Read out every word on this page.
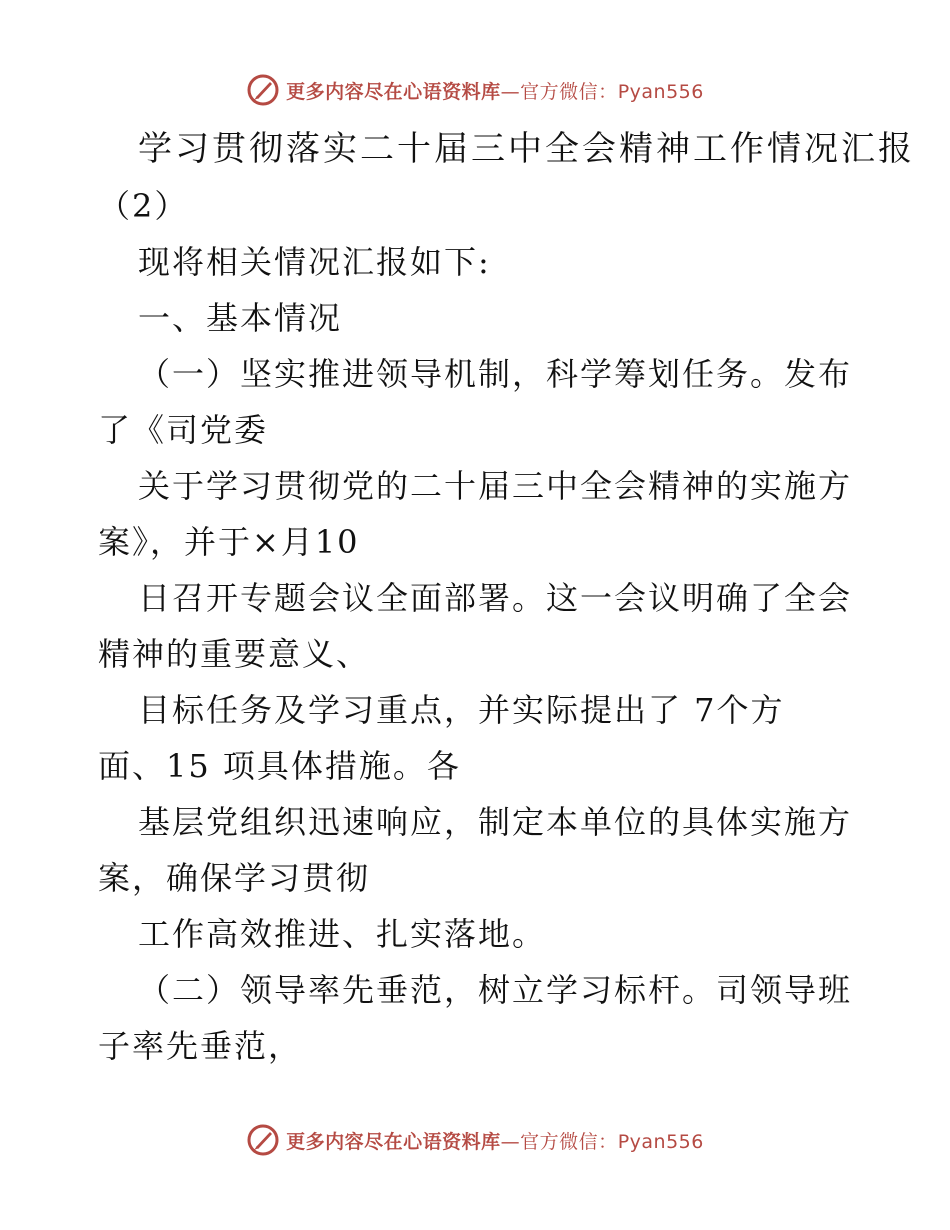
更多内容尽在心语资料库—官方微信：Pyan556
学习贯彻落实二十届三中全会精神工作情况汇报
（2）
现将相关情况汇报如下:
一、基本情况
（一）坚实推进领导机制，科学筹划任务。发布
了《司党委
关于学习贯彻党的二十届三中全会精神的实施方
案》，并于×月10
日召开专题会议全面部署。这一会议明确了全会
精神的重要意义、
目标任务及学习重点，并实际提出了 7个方
面、15 项具体措施。各
基层党组织迅速响应，制定本单位的具体实施方
案，确保学习贯彻
工作高效推进、扎实落地。
（二）领导率先垂范，树立学习标杆。司领导班
子率先垂范，
更多内容尽在心语资料库—官方微信：Pyan556
